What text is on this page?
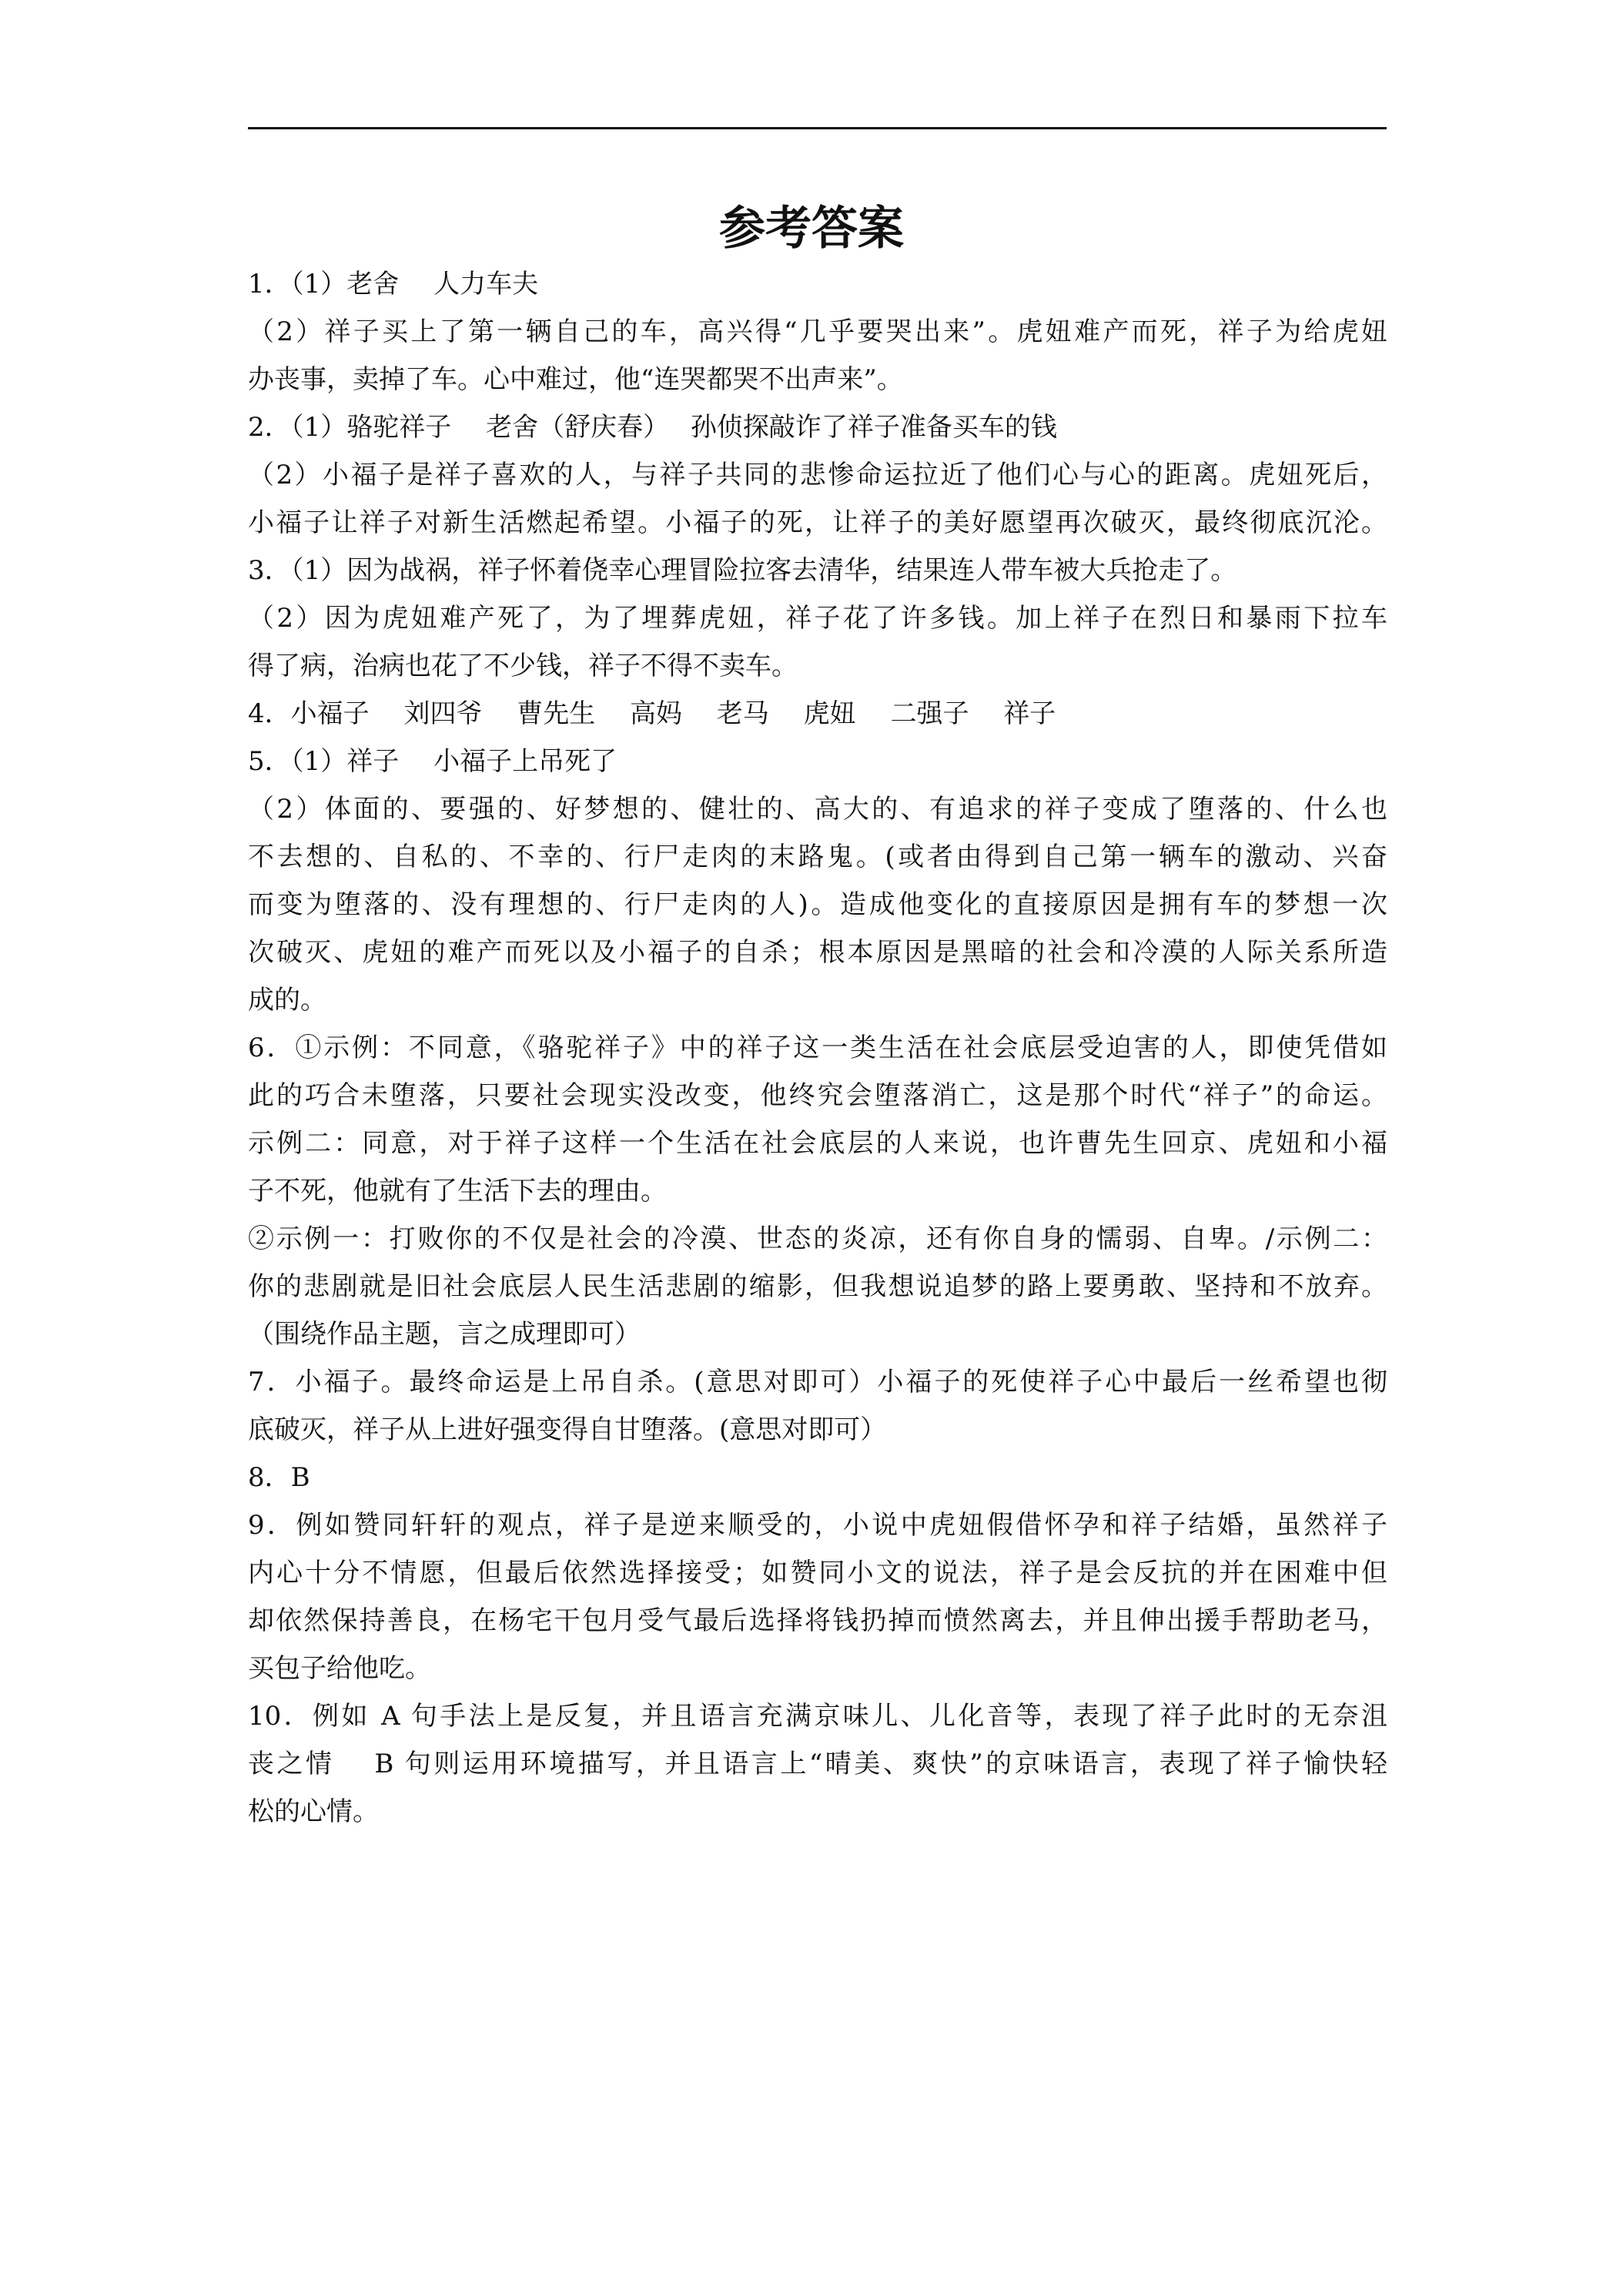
参考答案
1．（1）老舍　 人力车夫
（2）祥子买上了第一辆自己的车，高兴得“几乎要哭出来”。虎妞难产而死，祥子为给虎妞
办丧事，卖掉了车。心中难过，他“连哭都哭不出声来”。
2．（1）骆驼祥子　 老舍（舒庆春）　 孙侦探敲诈了祥子准备买车的钱
（2）小福子是祥子喜欢的人，与祥子共同的悲惨命运拉近了他们心与心的距离。虎妞死后，
小福子让祥子对新生活燃起希望。小福子的死，让祥子的美好愿望再次破灭，最终彻底沉沦。
3．（1）因为战祸，祥子怀着侥幸心理冒险拉客去清华，结果连人带车被大兵抢走了。
（2）因为虎妞难产死了，为了埋葬虎妞，祥子花了许多钱。加上祥子在烈日和暴雨下拉车
得了病，治病也花了不少钱，祥子不得不卖车。
4．小福子　 刘四爷　 曹先生　 高妈　 老马　 虎妞　 二强子　 祥子
5．（1）祥子　 小福子上吊死了
（2）体面的、要强的、好梦想的、健壮的、高大的、有追求的祥子变成了堕落的、什么也
不去想的、自私的、不幸的、行尸走肉的末路鬼。(或者由得到自己第一辆车的激动、兴奋
而变为堕落的、没有理想的、行尸走肉的人)。造成他变化的直接原因是拥有车的梦想一次
次破灭、虎妞的难产而死以及小福子的自杀；根本原因是黑暗的社会和冷漠的人际关系所造
成的。
6．①示例：不同意，《骆驼祥子》中的祥子这一类生活在社会底层受迫害的人，即使凭借如
此的巧合未堕落，只要社会现实没改变，他终究会堕落消亡，这是那个时代“祥子”的命运。
示例二：同意，对于祥子这样一个生活在社会底层的人来说，也许曹先生回京、虎妞和小福
子不死，他就有了生活下去的理由。
②示例一：打败你的不仅是社会的冷漠、世态的炎凉，还有你自身的懦弱、自卑。/示例二：
你的悲剧就是旧社会底层人民生活悲剧的缩影，但我想说追梦的路上要勇敢、坚持和不放弃。
（围绕作品主题，言之成理即可）
7．小福子。最终命运是上吊自杀。(意思对即可）小福子的死使祥子心中最后一丝希望也彻
底破灭，祥子从上进好强变得自甘堕落。(意思对即可）
8．B
9．例如赞同轩轩的观点，祥子是逆来顺受的，小说中虎妞假借怀孕和祥子结婚，虽然祥子
内心十分不情愿，但最后依然选择接受；如赞同小文的说法，祥子是会反抗的并在困难中但
却依然保持善良，在杨宅干包月受气最后选择将钱扔掉而愤然离去，并且伸出援手帮助老马，
买包子给他吃。
10．例如 A 句手法上是反复，并且语言充满京味儿、儿化音等，表现了祥子此时的无奈沮
丧之情　 B 句则运用环境描写，并且语言上“晴美、爽快”的京味语言，表现了祥子愉快轻
松的心情。
